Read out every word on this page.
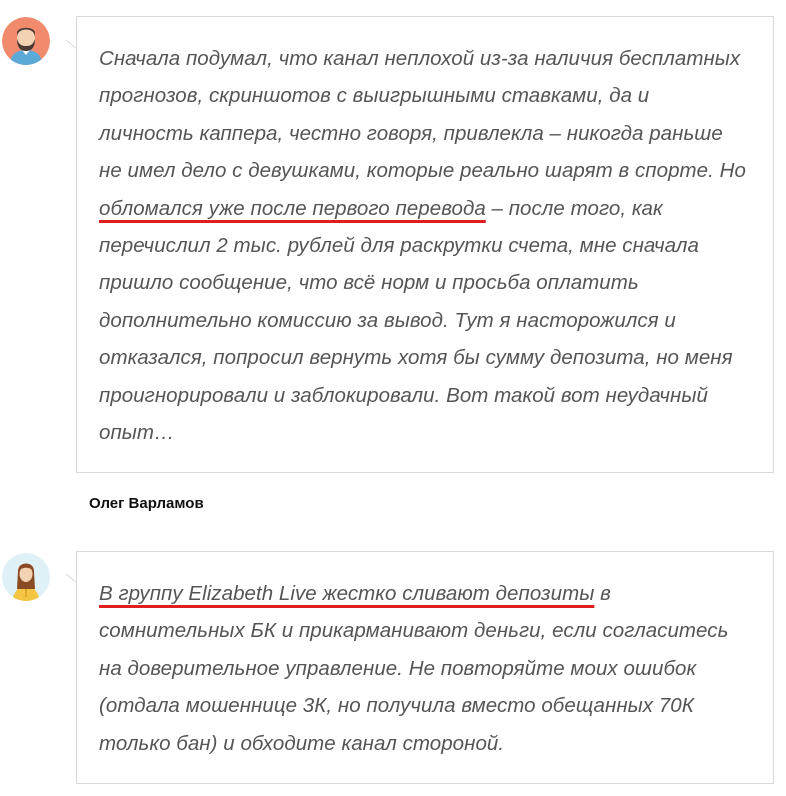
Сначала подумал, что канал неплохой из-за наличия бесплатных прогнозов, скриншотов с выигрышными ставками, да и личность каппера, честно говоря, привлекла – никогда раньше не имел дело с девушками, которые реально шарят в спорте. Но обломался уже после первого перевода – после того, как перечислил 2 тыс. рублей для раскрутки счета, мне сначала пришло сообщение, что всё норм и просьба оплатить дополнительно комиссию за вывод. Тут я насторожился и отказался, попросил вернуть хотя бы сумму депозита, но меня проигнорировали и заблокировали. Вот такой вот неудачный опыт…

Олег Варламов

В группу Elizabeth Live жестко сливают депозиты в сомнительных БК и прикарманивают деньги, если согласитесь на доверительное управление. Не повторяйте моих ошибок (отдала мошеннице 3К, но получила вместо обещанных 70К только бан) и обходите канал стороной.
